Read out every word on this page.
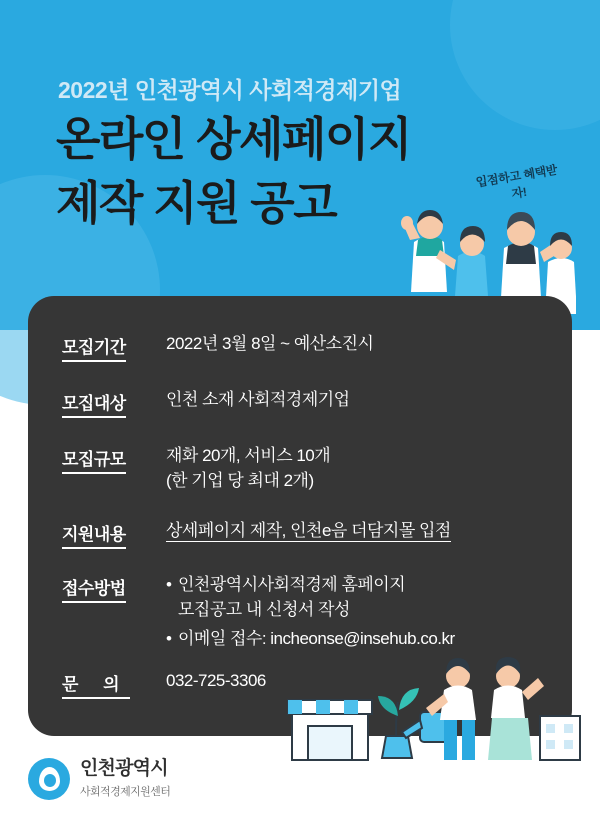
2022년 인천광역시 사회적경제기업
온라인 상세페이지
제작 지원 공고
입점하고 혜택받자!
모집기간	2022년 3월 8일 ~ 예산소진시
모집대상	인천 소재 사회적경제기업
모집규모	재화 20개, 서비스 10개
(한 기업 당 최대 2개)
지원내용	상세페이지 제작, 인천e음 더담지몰 입점
접수방법	• 인천광역시사회적경제 홈페이지
모집공고 내 신청서 작성
• 이메일 접수: incheonse@insehub.co.kr
문 의	032-725-3306
인천광역시
사회적경제지원센터
